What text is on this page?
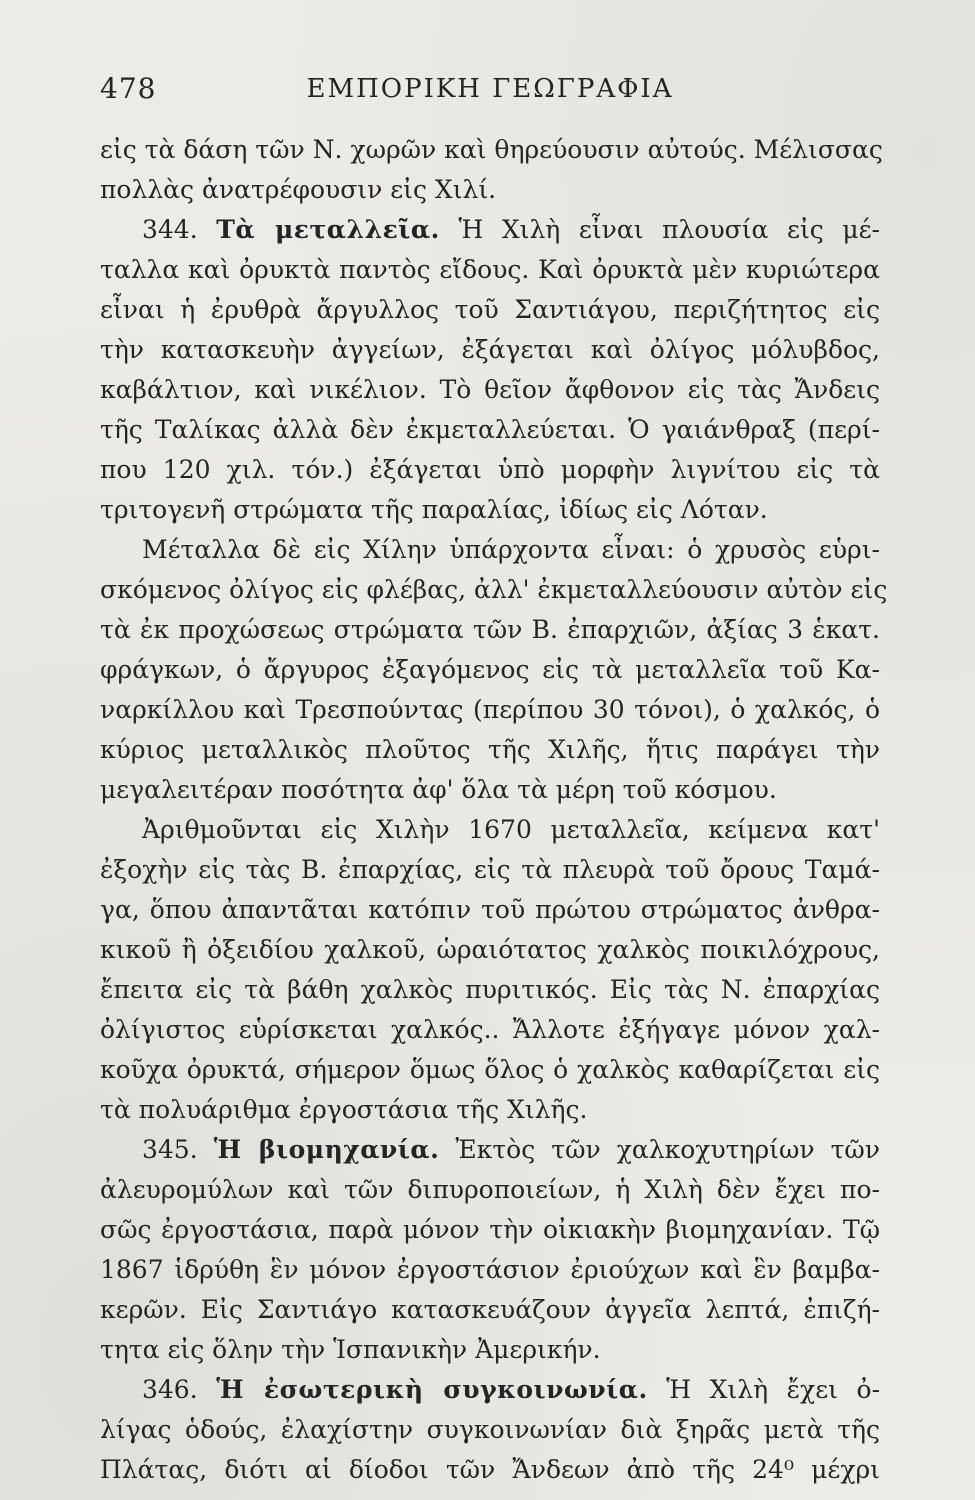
478	ΕΜΠΟΡΙΚΗ ΓΕΩΓΡΑΦΙΑ
εἰς τὰ δάση τῶν Ν. χωρῶν καὶ θηρεύουσιν αὐτούς. Μέλισσας
πολλὰς ἀνατρέφουσιν εἰς Χιλί.
344. Τὰ μεταλλεῖα. Ἡ Χιλὴ εἶναι πλουσία εἰς μέ-
ταλλα καὶ ὀρυκτὰ παντὸς εἴδους. Καὶ ὀρυκτὰ μὲν κυριώτερα
εἶναι ἡ ἐρυθρὰ ἄργυλλος τοῦ Σαντιάγου, περιζήτητος εἰς
τὴν κατασκευὴν ἀγγείων, ἐξάγεται καὶ ὀλίγος μόλυβδος,
καβάλτιον, καὶ νικέλιον. Τὸ θεῖον ἄφθονον εἰς τὰς Ἄνδεις
τῆς Ταλίκας ἀλλὰ δὲν ἐκμεταλλεύεται. Ὁ γαιάνθραξ (περί-
που 120 χιλ. τόν.) ἐξάγεται ὑπὸ μορφὴν λιγνίτου εἰς τὰ
τριτογενῆ στρώματα τῆς παραλίας, ἰδίως εἰς Λόταν.
Μέταλλα δὲ εἰς Χίλην ὑπάρχοντα εἶναι: ὁ χρυσὸς εὑρι-
σκόμενος ὀλίγος εἰς φλέβας, ἀλλ' ἐκμεταλλεύουσιν αὐτὸν εἰς
τὰ ἐκ προχώσεως στρώματα τῶν Β. ἐπαρχιῶν, ἀξίας 3 ἑκατ.
φράγκων, ὁ ἄργυρος ἐξαγόμενος εἰς τὰ μεταλλεῖα τοῦ Κα-
ναρκίλλου καὶ Τρεσπούντας (περίπου 30 τόνοι), ὁ χαλκός, ὁ
κύριος μεταλλικὸς πλοῦτος τῆς Χιλῆς, ἥτις παράγει τὴν
μεγαλειτέραν ποσότητα ἀφ' ὅλα τὰ μέρη τοῦ κόσμου.
Ἀριθμοῦνται εἰς Χιλὴν 1670 μεταλλεῖα, κείμενα κατ'
ἐξοχὴν εἰς τὰς Β. ἐπαρχίας, εἰς τὰ πλευρὰ τοῦ ὄρους Ταμά-
γα, ὅπου ἀπαντᾶται κατόπιν τοῦ πρώτου στρώματος ἀνθρα-
κικοῦ ἢ ὀξειδίου χαλκοῦ, ὡραιότατος χαλκὸς ποικιλόχρους,
ἔπειτα εἰς τὰ βάθη χαλκὸς πυριτικός. Εἰς τὰς Ν. ἐπαρχίας
ὀλίγιστος εὑρίσκεται χαλκός.. Ἄλλοτε ἐξήγαγε μόνον χαλ-
κοῦχα ὀρυκτά, σήμερον ὅμως ὅλος ὁ χαλκὸς καθαρίζεται εἰς
τὰ πολυάριθμα ἐργοστάσια τῆς Χιλῆς.
345. Ἡ βιομηχανία. Ἐκτὸς τῶν χαλκοχυτηρίων τῶν
ἀλευρομύλων καὶ τῶν διπυροποιείων, ἡ Χιλὴ δὲν ἔχει πο-
σῶς ἐργοστάσια, παρὰ μόνον τὴν οἰκιακὴν βιομηχανίαν. Τῷ
1867 ἱδρύθη ἓν μόνον ἐργοστάσιον ἐριούχων καὶ ἓν βαμβα-
κερῶν. Εἰς Σαντιάγο κατασκευάζουν ἀγγεῖα λεπτά, ἐπιζή-
τητα εἰς ὅλην τὴν Ἱσπανικὴν Ἀμερικήν.
346. Ἡ ἐσωτερικὴ συγκοινωνία. Ἡ Χιλὴ ἔχει ὀ-
λίγας ὁδούς, ἐλαχίστην συγκοινωνίαν διὰ ξηρᾶς μετὰ τῆς
Πλάτας, διότι αἱ δίοδοι τῶν Ἄνδεων ἀπὸ τῆς 24⁰ μέχρι
